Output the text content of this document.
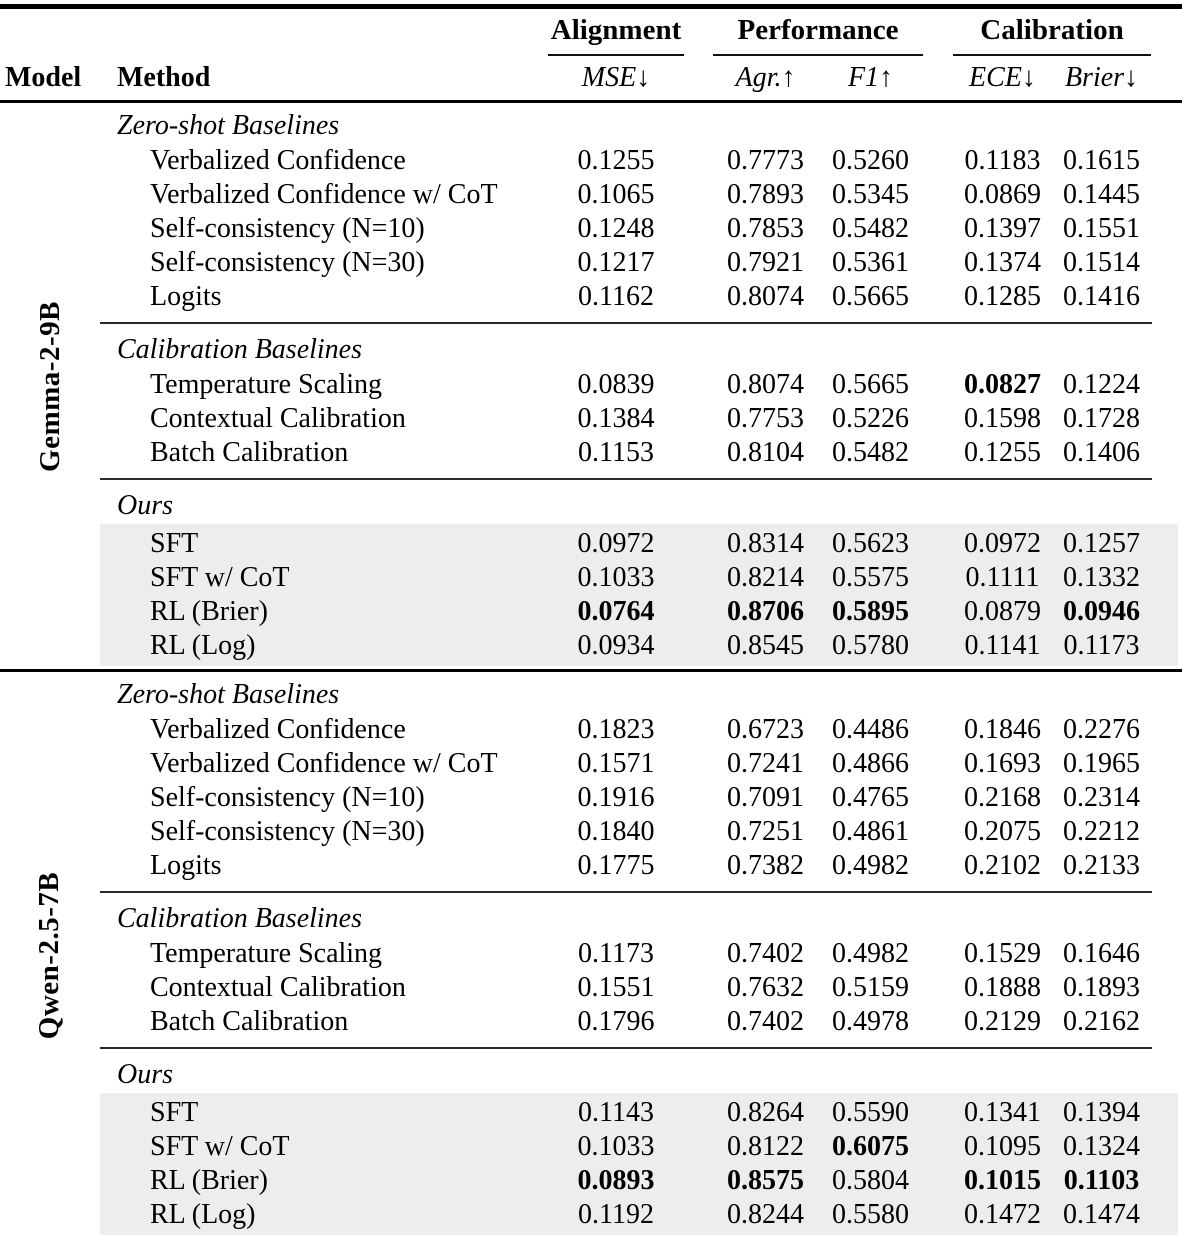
Alignment Performance	Calibration
Model	Method	MSE↓	Agr.↑	F1↑	ECE↓	Brier↓
Gemma-2-9B
Zero-shot Baselines
Verbalized Confidence	0.1255	0.7773	0.5260	0.1183 0.1615
Verbalized Confidence w/ CoT	0.1065	0.7893	0.5345	0.0869 0.1445
Self-consistency (N=10)	0.1248	0.7853	0.5482	0.1397 0.1551
Self-consistency (N=30)	0.1217	0.7921	0.5361	0.1374 0.1514
Logits	0.1162	0.8074	0.5665	0.1285 0.1416
Calibration Baselines
Temperature Scaling	0.0839	0.8074	0.5665	0.0827 0.1224
Contextual Calibration	0.1384	0.7753	0.5226	0.1598 0.1728
Batch Calibration	0.1153	0.8104	0.5482	0.1255 0.1406
Ours
SFT	0.0972	0.8314	0.5623	0.0972 0.1257
SFT w/ CoT	0.1033	0.8214	0.5575	0.1111 0.1332
RL (Brier)	0.0764	0.8706	0.5895	0.0879 0.0946
RL (Log)	0.0934	0.8545	0.5780	0.1141 0.1173
Qwen-2.5-7B
Zero-shot Baselines
Verbalized Confidence	0.1823	0.6723	0.4486	0.1846 0.2276
Verbalized Confidence w/ CoT	0.1571	0.7241	0.4866	0.1693 0.1965
Self-consistency (N=10)	0.1916	0.7091	0.4765	0.2168 0.2314
Self-consistency (N=30)	0.1840	0.7251	0.4861	0.2075 0.2212
Logits	0.1775	0.7382	0.4982	0.2102 0.2133
Calibration Baselines
Temperature Scaling	0.1173	0.7402	0.4982	0.1529 0.1646
Contextual Calibration	0.1551	0.7632	0.5159	0.1888 0.1893
Batch Calibration	0.1796	0.7402	0.4978	0.2129 0.2162
Ours
SFT	0.1143	0.8264	0.5590	0.1341 0.1394
SFT w/ CoT	0.1033	0.8122	0.6075	0.1095 0.1324
RL (Brier)	0.0893	0.8575	0.5804	0.1015 0.1103
RL (Log)	0.1192	0.8244	0.5580	0.1472 0.1474
